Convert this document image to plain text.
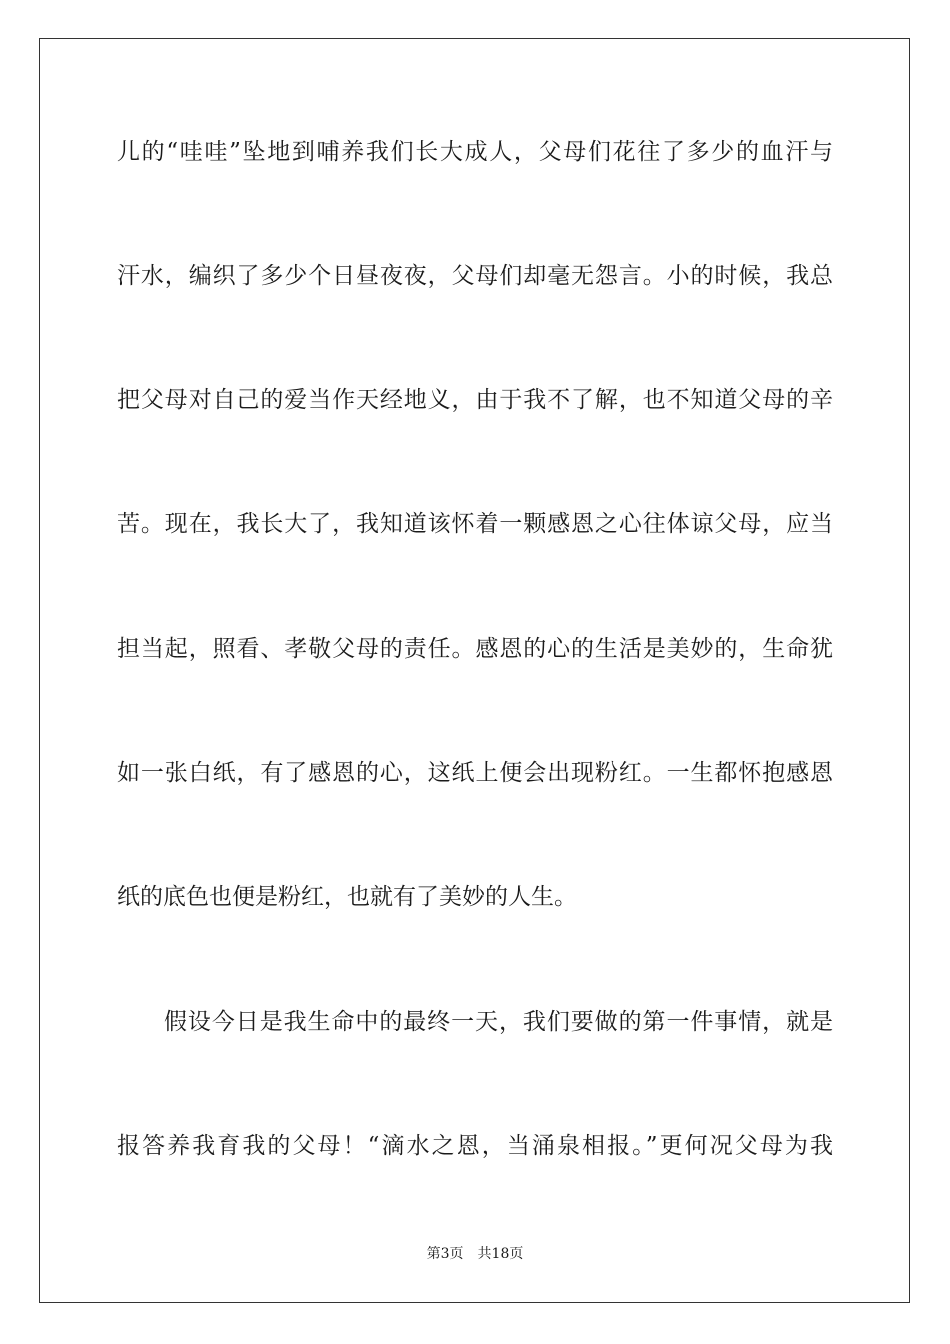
儿的“哇哇”坠地到哺养我们长大成人，父母们花往了多少的血汗与
汗水，编织了多少个日昼夜夜，父母们却毫无怨言。小的时候，我总
把父母对自己的爱当作天经地义，由于我不了解，也不知道父母的辛
苦。现在，我长大了，我知道该怀着一颗感恩之心往体谅父母，应当
担当起，照看、孝敬父母的责任。感恩的心的生活是美妙的，生命犹
如一张白纸，有了感恩的心，这纸上便会出现粉红。一生都怀抱感恩
纸的底色也便是粉红，也就有了美妙的人生。
假设今日是我生命中的最终一天，我们要做的第一件事情，就是
报答养我育我的父母！“滴水之恩，当涌泉相报。”更何况父母为我
第3页 共18页
